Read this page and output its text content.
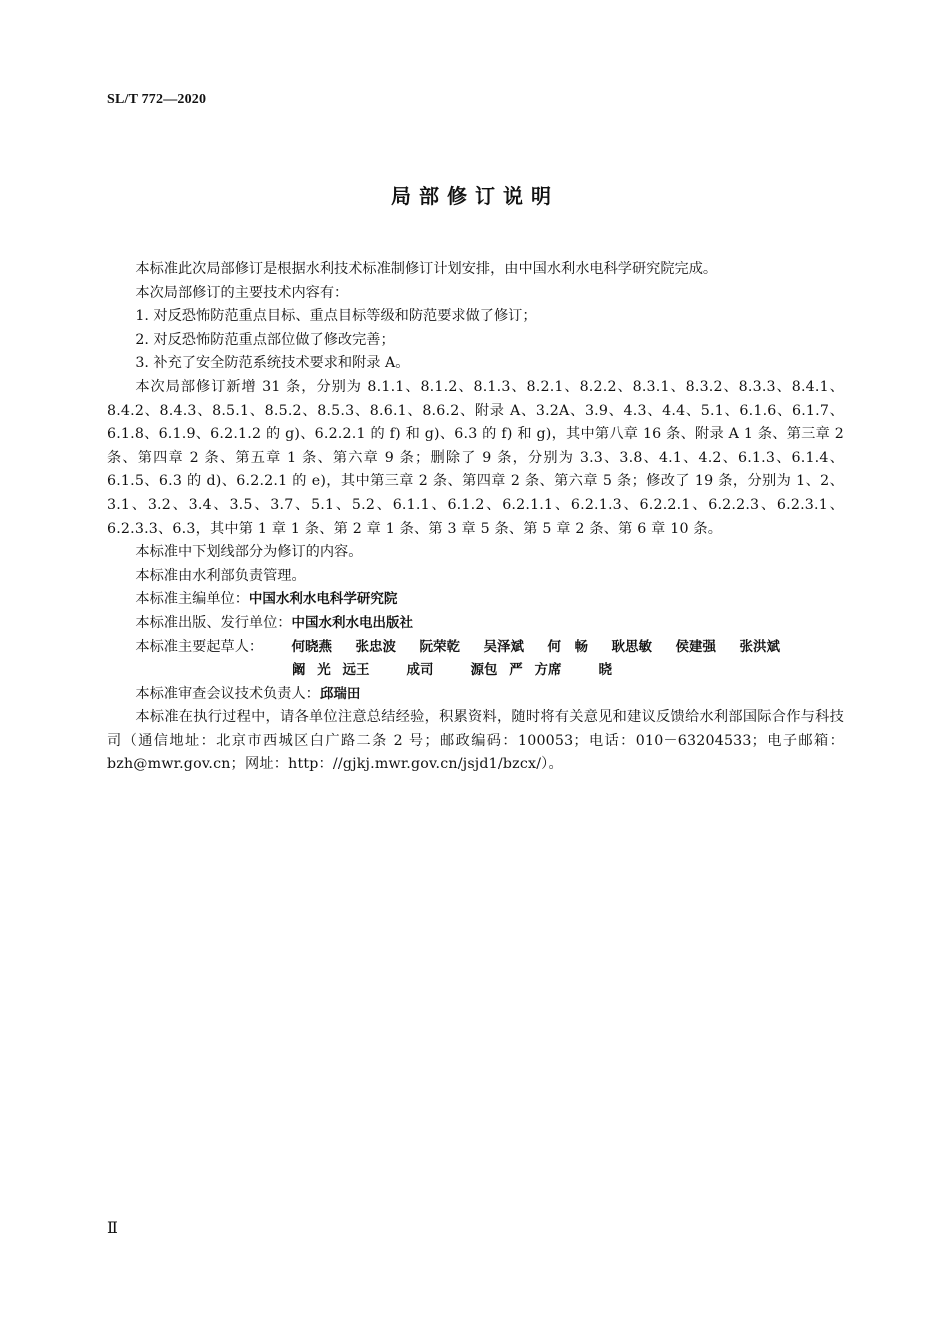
SL/T 772—2020
局部修订说明

本标准此次局部修订是根据水利技术标准制修订计划安排，由中国水利水电科学研究院完成。

本次局部修订的主要技术内容有：

1. 对反恐怖防范重点目标、重点目标等级和防范要求做了修订；

2. 对反恐怖防范重点部位做了修改完善；

3. 补充了安全防范系统技术要求和附录 A。

本次局部修订新增 31 条，分别为 8.1.1、8.1.2、8.1.3、8.2.1、8.2.2、8.3.1、8.3.2、8.3.3、8.4.1、8.4.2、8.4.3、8.5.1、8.5.2、8.5.3、8.6.1、8.6.2、附录 A、3.2A、3.9、4.3、4.4、5.1、6.1.6、6.1.7、6.1.8、6.1.9、6.2.1.2 的 g)、6.2.2.1 的 f) 和 g)、6.3 的 f) 和 g)，其中第八章 16 条、附录 A 1 条、第三章 2 条、第四章 2 条、第五章 1 条、第六章 9 条；删除了 9 条，分别为 3.3、3.8、4.1、4.2、6.1.3、6.1.4、6.1.5、6.3 的 d)、6.2.2.1 的 e)，其中第三章 2 条、第四章 2 条、第六章 5 条；修改了 19 条，分别为 1、2、3.1、3.2、3.4、3.5、3.7、5.1、5.2、6.1.1、6.1.2、6.2.1.1、6.2.1.3、6.2.2.1、6.2.2.3、6.2.3.1、6.2.3.3、6.3，其中第 1 章 1 条、第 2 章 1 条、第 3 章 5 条、第 5 章 2 条、第 6 章 10 条。

本标准中下划线部分为修订的内容。

本标准由水利部负责管理。

本标准主编单位：中国水利水电科学研究院

本标准出版、发行单位：中国水利水电出版社

本标准主要起草人：	何晓燕	张忠波	阮荣乾	吴泽斌	何　畅	耿思敏	侯建强	张洪斌

阚光远 王　成 司　源 包严方 席　晓

本标准审查会议技术负责人：邱瑞田

本标准在执行过程中，请各单位注意总结经验，积累资料，随时将有关意见和建议反馈给水利部国际合作与科技司（通信地址：北京市西城区白广路二条 2 号；邮政编码：100053；电话：010－63204533；电子邮箱：bzh@mwr.gov.cn；网址：http：//gjkj.mwr.gov.cn/jsjd1/bzcx/）。

Ⅱ
